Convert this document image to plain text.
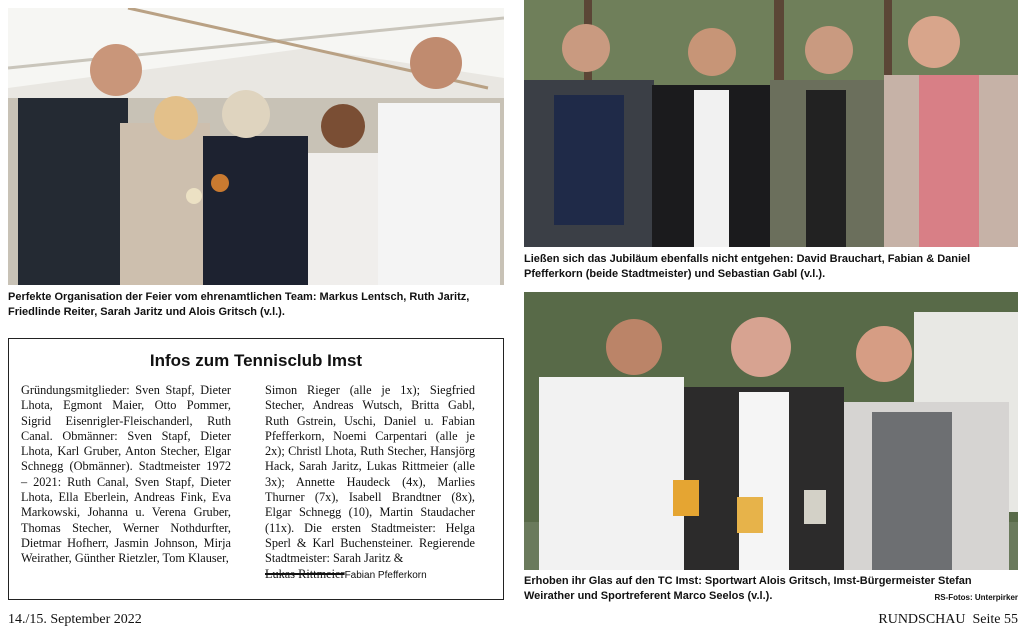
Perfekte Organisation der Feier vom ehrenamtlichen Team: Markus Lentsch, Ruth Jaritz, Friedlinde Reiter, Sarah Jaritz und Alois Gritsch (v.l.).
Ließen sich das Jubiläum ebenfalls nicht entgehen: David Brauchart, Fabian & Daniel Pfefferkorn (beide Stadtmeister) und Sebastian Gabl (v.l.).
Infos zum Tennisclub Imst

Gründungsmitglieder: Sven Stapf, Dieter Lhota, Egmont Maier, Otto Pommer, Sigrid Eisenrigler-Fleischanderl, Ruth Canal. Obmänner: Sven Stapf, Dieter Lhota, Karl Gruber, Anton Stecher, Elgar Schnegg (Obmänner). Stadtmeister 1972 – 2021: Ruth Canal, Sven Stapf, Dieter Lhota, Ella Eberlein, Andreas Fink, Eva Markowski, Johanna u. Verena Gruber, Thomas Stecher, Werner Nothdurfter, Dietmar Hofherr, Jasmin Johnson, Mirja Weirather, Günther Rietzler, Tom Klauser,

Simon Rieger (alle je 1x); Siegfried Stecher, Andreas Wutsch, Britta Gabl, Ruth Gstrein, Uschi, Daniel u. Fabian Pfefferkorn, Noemi Carpentari (alle je 2x); Christl Lhota, Ruth Stecher, Hansjörg Hack, Sarah Jaritz, Lukas Rittmeier (alle 3x); Annette Haudeck (4x), Marlies Thurner (7x), Isabell Brandtner (8x), Elgar Schnegg (10), Martin Staudacher (11x). Die ersten Stadtmeister: Helga Sperl & Karl Buchensteiner. Regierende Stadtmeister: Sarah Jaritz &

Lukas RittmeierFabian Pfefferkorn	Erhoben ihr Glas auf den TC Imst: Sportwart Alois Gritsch, Imst-Bürgermeister Stefan Weirather und Sportreferent Marco Seelos (v.l.).	RS-Fotos: Unterpirker
14./15. September 2022	RUNDSCHAU Seite 55
